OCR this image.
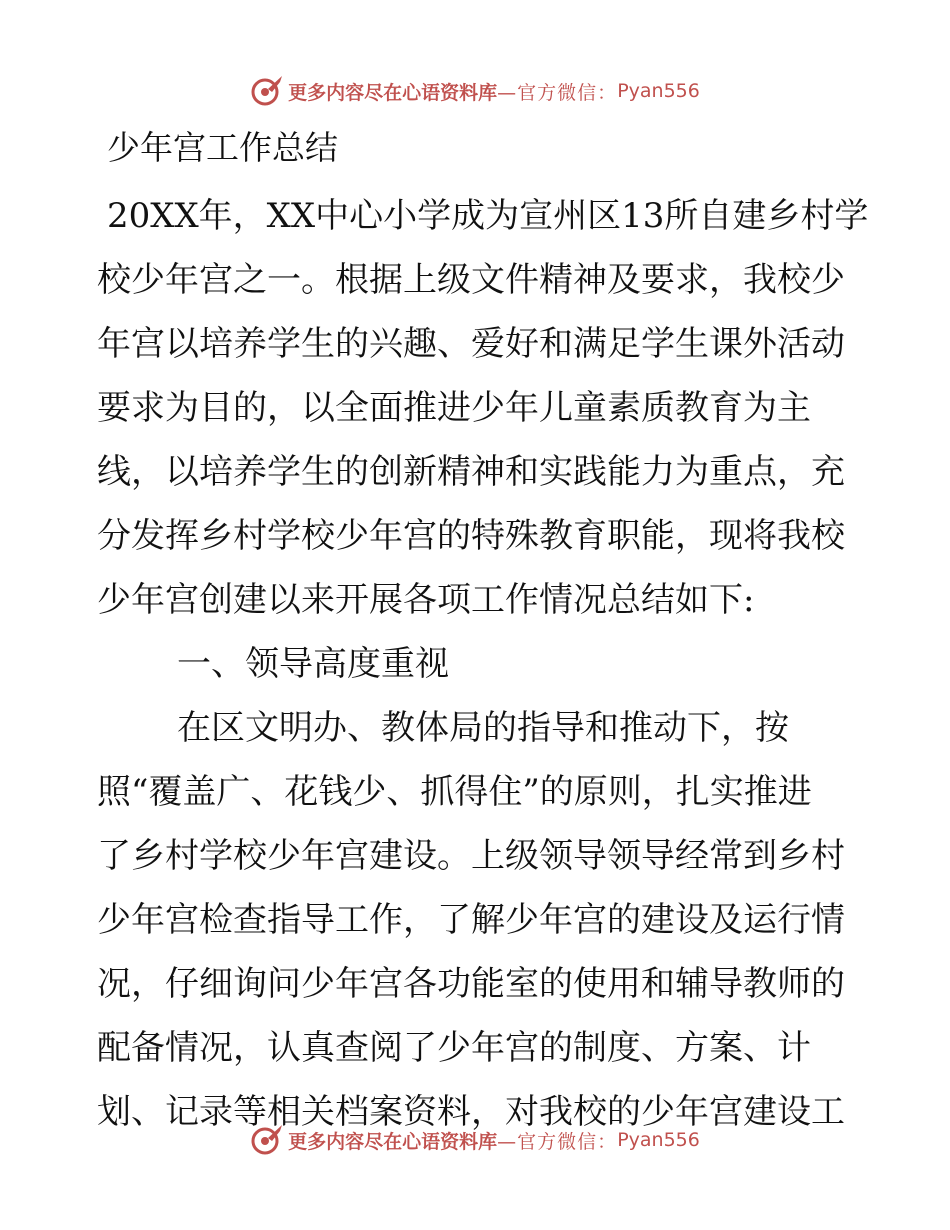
更多内容尽在心语资料库 —官方微信： Pyan556
少年宫工作总结
20XX年，XX中心小学成为宣州区13所自建乡村学
校少年宫之一。根据上级文件精神及要求，我校少
年宫以培养学生的兴趣、爱好和满足学生课外活动
要求为目的，以全面推进少年儿童素质教育为主
线，以培养学生的创新精神和实践能力为重点，充
分发挥乡村学校少年宫的特殊教育职能，现将我校
少年宫创建以来开展各项工作情况总结如下:
一、领导高度重视
在区文明办、教体局的指导和推动下，按
照“覆盖广、花钱少、抓得住”的原则，扎实推进
了乡村学校少年宫建设。上级领导领导经常到乡村
少年宫检查指导工作，了解少年宫的建设及运行情
况，仔细询问少年宫各功能室的使用和辅导教师的
配备情况，认真查阅了少年宫的制度、方案、计
划、记录等相关档案资料，对我校的少年宫建设工
更多内容尽在心语资料库 —官方微信： Pyan556
